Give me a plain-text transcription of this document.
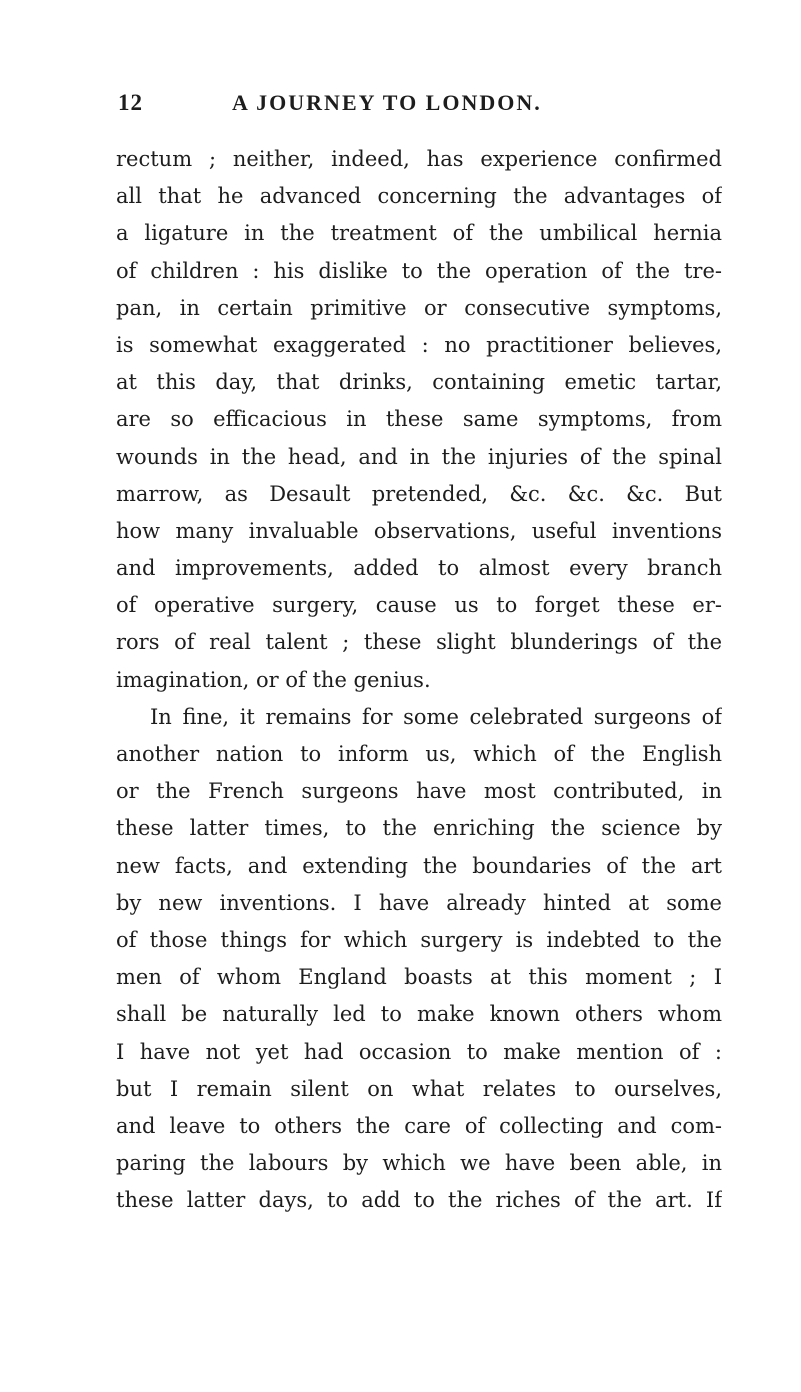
12	A JOURNEY TO LONDON.
rectum ; neither, indeed, has experience confirmed
all that he advanced concerning the advantages of
a ligature in the treatment of the umbilical hernia
of children : his dislike to the operation of the tre-
pan, in certain primitive or consecutive symptoms,
is somewhat exaggerated : no practitioner believes,
at this day, that drinks, containing emetic tartar,
are so efficacious in these same symptoms, from
wounds in the head, and in the injuries of the spinal
marrow, as Desault pretended, &c. &c. &c. But
how many invaluable observations, useful inventions
and improvements, added to almost every branch
of operative surgery, cause us to forget these er-
rors of real talent ; these slight blunderings of the
imagination, or of the genius.
In fine, it remains for some celebrated surgeons of
another nation to inform us, which of the English
or the French surgeons have most contributed, in
these latter times, to the enriching the science by
new facts, and extending the boundaries of the art
by new inventions. I have already hinted at some
of those things for which surgery is indebted to the
men of whom England boasts at this moment ; I
shall be naturally led to make known others whom
I have not yet had occasion to make mention of :
but I remain silent on what relates to ourselves,
and leave to others the care of collecting and com-
paring the labours by which we have been able, in
these latter days, to add to the riches of the art. If
